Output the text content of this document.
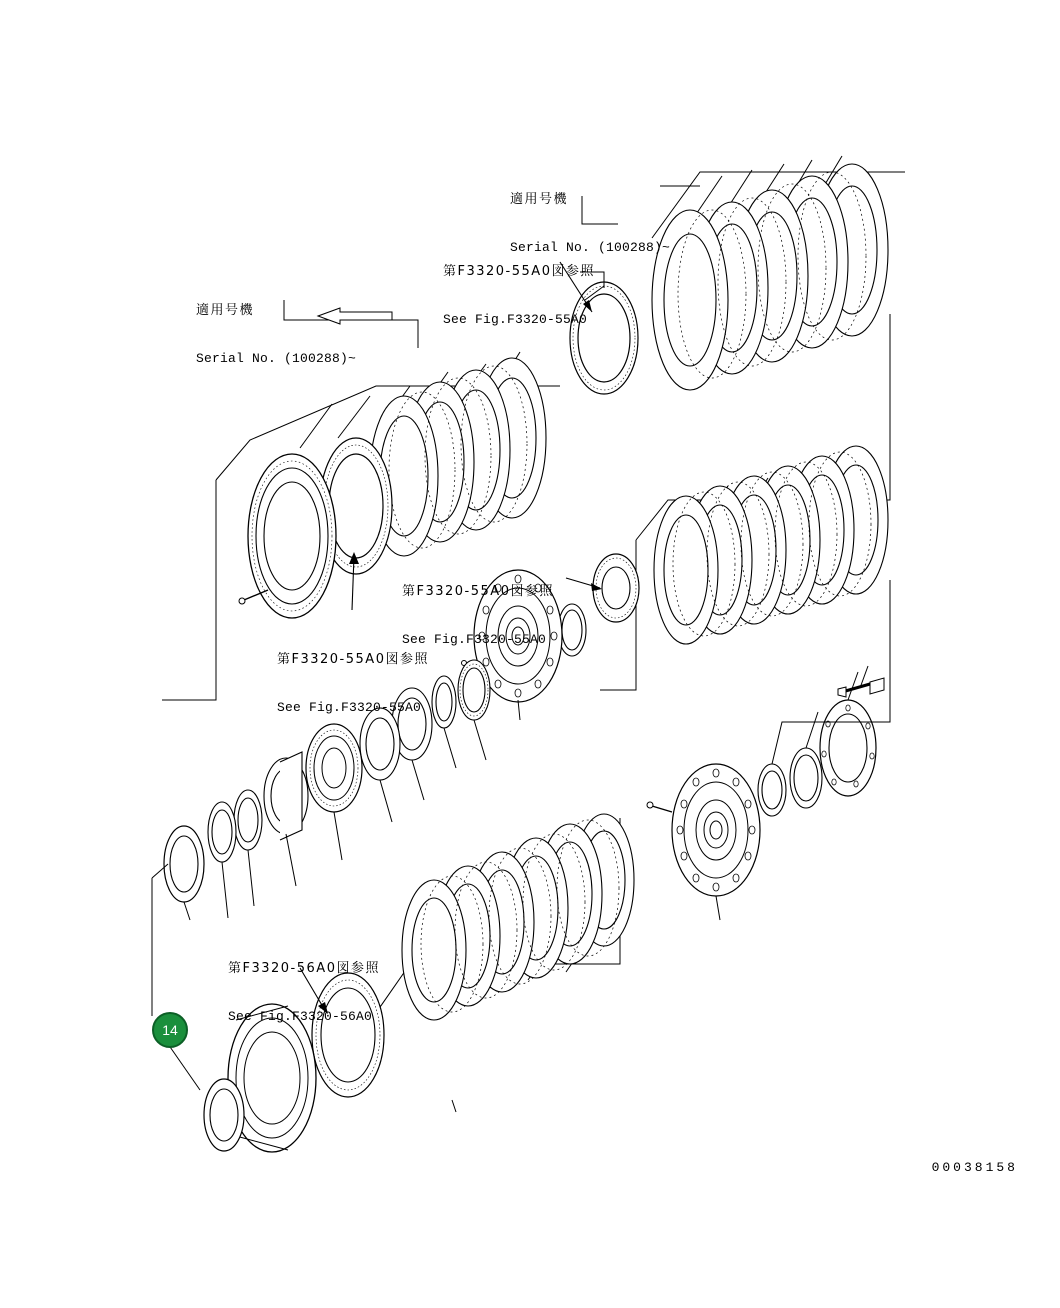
適用号機

Serial No. (100288)~

第F3320-55A0図参照

See Fig.F3320-55A0

適用号機

Serial No. (100288)~

第F3320-55A0図参照

See Fig.F3320-55A0

第F3320-55A0図参照

See Fig.F3320-55A0

第F3320-56A0図参照

See Fig.F3320-56A0

14
00038158
